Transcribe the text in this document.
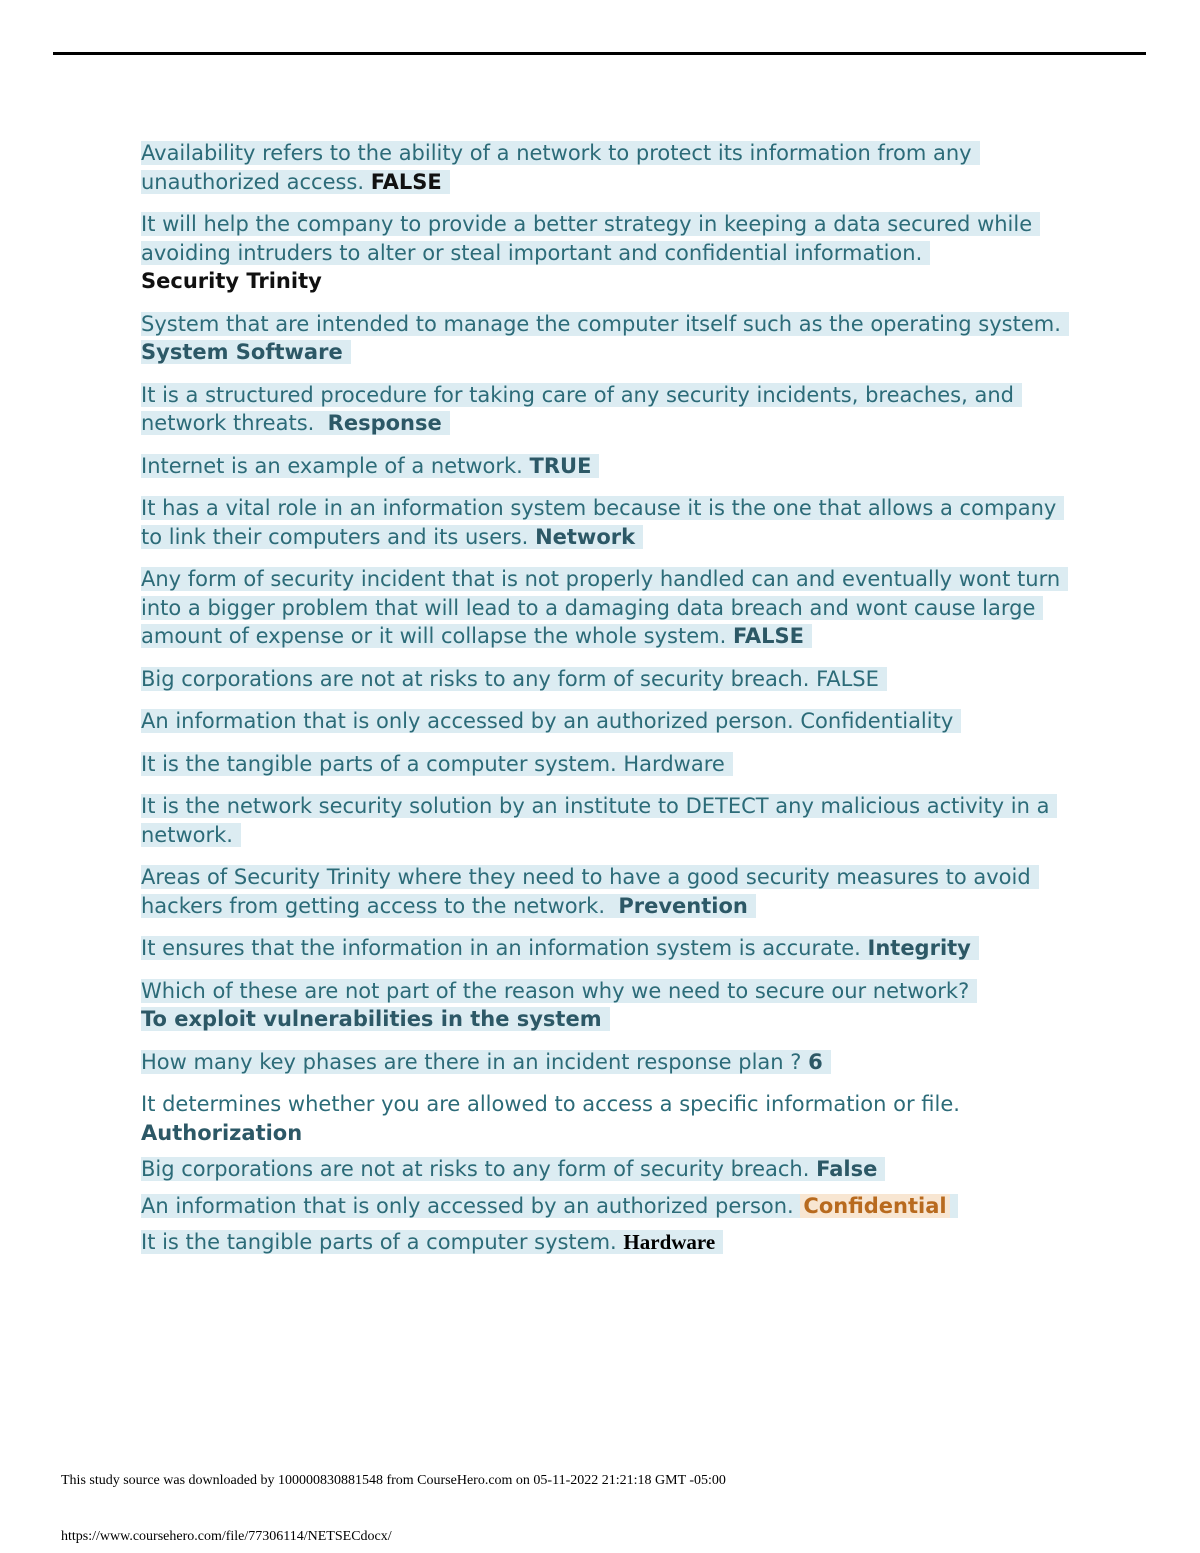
Availability refers to the ability of a network to protect its information from any unauthorized access. FALSE

It will help the company to provide a better strategy in keeping a data secured while avoiding intruders to alter or steal important and confidential information.
Security Trinity

System that are intended to manage the computer itself such as the operating system. System Software

It is a structured procedure for taking care of any security incidents, breaches, and network threats. Response

Internet is an example of a network. TRUE

It has a vital role in an information system because it is the one that allows a company to link their computers and its users. Network

Any form of security incident that is not properly handled can and eventually wont turn into a bigger problem that will lead to a damaging data breach and wont cause large amount of expense or it will collapse the whole system. FALSE

Big corporations are not at risks to any form of security breach. FALSE

An information that is only accessed by an authorized person. Confidentiality

It is the tangible parts of a computer system. Hardware

It is the network security solution by an institute to DETECT any malicious activity in a network.

Areas of Security Trinity where they need to have a good security measures to avoid hackers from getting access to the network. Prevention

It ensures that the information in an information system is accurate. Integrity

Which of these are not part of the reason why we need to secure our network?
To exploit vulnerabilities in the system

How many key phases are there in an incident response plan ? 6

It determines whether you are allowed to access a specific information or file. Authorization

Big corporations are not at risks to any form of security breach. False

An information that is only accessed by an authorized person. Confidential

It is the tangible parts of a computer system. Hardware

This study source was downloaded by 100000830881548 from CourseHero.com on 05-11-2022 21:21:18 GMT -05:00
https://www.coursehero.com/file/77306114/NETSECdocx/
